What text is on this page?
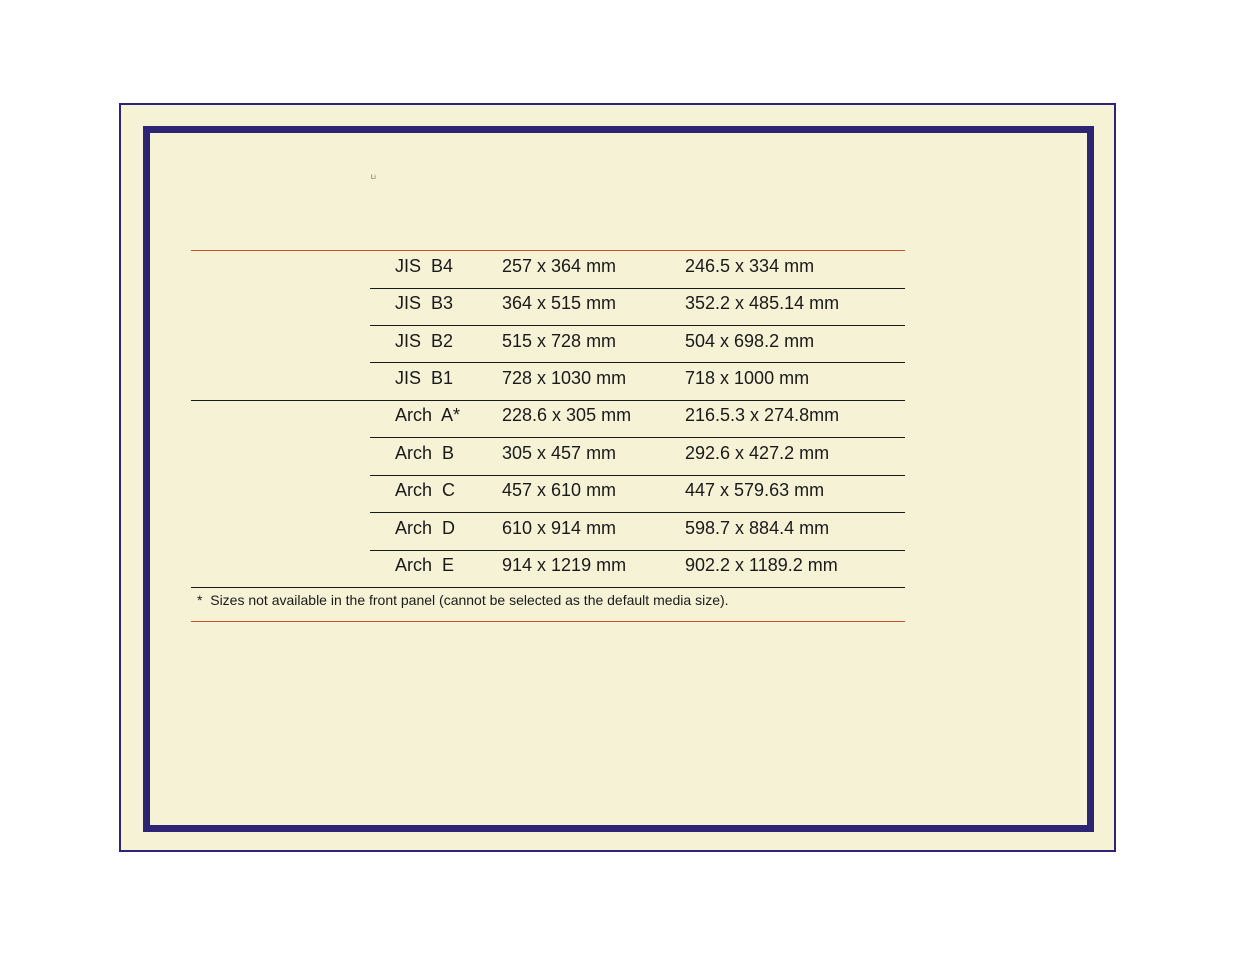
Li
JIS  B4	257 x 364 mm	246.5 x 334 mm
JIS  B3	364 x 515 mm	352.2 x 485.14 mm
JIS  B2	515 x 728 mm	504 x 698.2 mm
JIS  B1	728 x 1030 mm	718 x 1000 mm
Arch  A* 228.6 x 305 mm	216.5.3 x 274.8mm
Arch  B	305 x 457 mm	292.6 x 427.2 mm
Arch  C	457 x 610 mm	447 x 579.63 mm
Arch  D	610 x 914 mm	598.7 x 884.4 mm
Arch  E	914 x 1219 mm	902.2 x 1189.2 mm
*  Sizes not available in the front panel (cannot be selected as the default media size).
